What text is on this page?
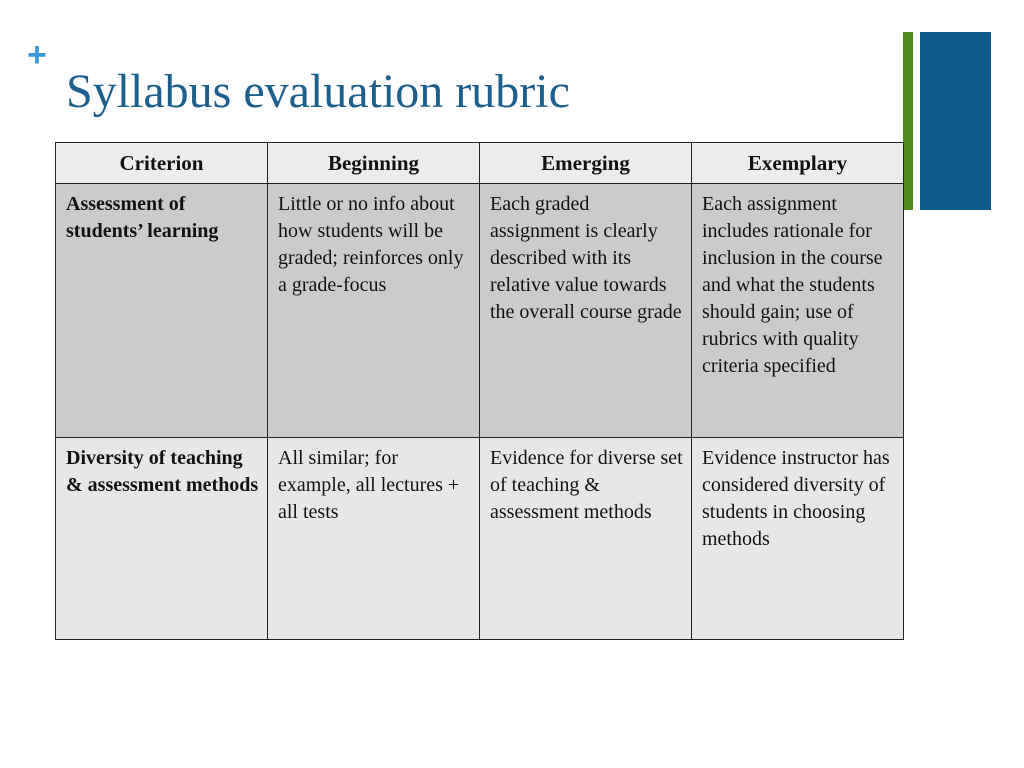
+
Syllabus evaluation rubric
Criterion	Beginning	Emerging	Exemplary
Assessment of students’ learning	Little or no info about how students will be graded; reinforces only a grade-focus	Each graded assignment is clearly described with its relative value towards the overall course grade	Each assignment includes rationale for inclusion in the course and what the students should gain; use of rubrics with quality criteria specified
Diversity of teaching & assessment methods	All similar; for example, all lectures + all tests	Evidence for diverse set of teaching & assessment methods	Evidence instructor has considered diversity of students in choosing methods
